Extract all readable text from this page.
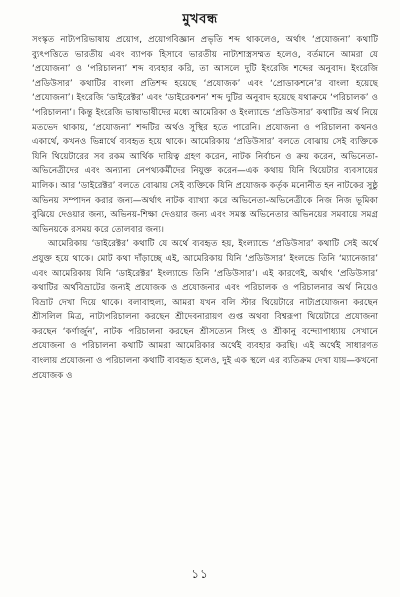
মুখবন্ধ

সংস্কৃত নাট্যপরিভাষায় প্রয়োগ, প্রয়োগবিজ্ঞান প্রভৃতি শব্দ থাকলেও, অর্থাৎ ‘প্রযোজনা’ কথাটি ব্যুৎপত্তিতে ভারতীয় এবং ব্যাপক হিসাবে ভারতীয় নাট্যশাস্ত্রসম্মত হলেও, বর্তমানে আমরা যে ‘প্রযোজনা’ ও ‘পরিচালনা’ শব্দ ব্যবহার করি, তা আসলে দুটি ইংরেজি শব্দের অনুবাদ। ইংরেজি ‘প্রডিউসার’ কথাটির বাংলা প্রতিশব্দ হয়েছে ‘প্রযোজক’ এবং ‘প্রোডাকশনে’র বাংলা হয়েছে ‘প্রযোজনা’। ইংরেজি ‘ডাইরেক্টর’ এবং ‘ডাইরেকশন’ শব্দ দুটির অনুবাদ হয়েছে যথাক্রমে ‘পরিচালক’ ও ‘পরিচালনা’। কিন্তু ইংরেজি ভাষাভাষীদের মধ্যে আমেরিকা ও ইংল্যান্ডে ‘প্রডিউসার’ কথাটির অর্থ নিয়ে মতভেদ থাকায়, ‘প্রযোজনা’ শব্দটির অর্থও সুস্থির হতে পারেনি। প্রযোজনা ও পরিচালনা কথনও একার্থে, কখনও ভিন্নার্থে ব্যবহৃত হয়ে থাকে। আমেরিকায় ‘প্রডিউসার’ বলতে বোঝায় সেই ব্যক্তিকে যিনি থিয়েটারের সব রকম আর্থিক দায়িত্ব গ্রহণ করেন, নাটক নির্বাচন ও ক্রয় করেন, অভিনেতা-অভিনেত্রীদের এবং অন্যান্য নেপথ্যকর্মীদের নিযুক্ত করেন—এক কথায় যিনি থিয়েটার ব্যবসায়ের মালিক। আর ‘ডাইরেক্টর’ বলতে বোঝায় সেই ব্যক্তিকে যিনি প্রযোজক কর্তৃক মনোনীত হন নাটকের সুষ্ঠু অভিনয় সম্পাদন করার জন্য—অর্থাৎ নাটক ব্যাখ্যা করে অভিনেতা-অভিনেত্রীকে নিজ নিজ ভূমিকা বুঝিয়ে দেওয়ার জন্য, অভিনয়-শিক্ষা দেওয়ার জন্য এবং সমস্ত অভিনেতার অভিনয়ের সমবায়ে সমগ্র অভিনয়কে রসময় করে তোলবার জন্য।

আমেরিকায় ‘ডাইরেক্টর’ কথাটি যে অর্থে ব্যবহৃত হয়, ইংল্যান্ডে ‘প্রডিউসার’ কথাটি সেই অর্থে প্রযুক্ত হয়ে থাকে। মোট কথা দাঁড়াচ্ছে এই, আমেরিকায় যিনি ‘প্রডিউসার’ ইংলন্ডে তিনি ‘ম্যানেজার’ এবং আমেরিকায় যিনি ‘ডাইরেক্টর’ ইংল্যান্ডে তিনি ‘প্রডিউসার’। এই কারণেই, অর্থাৎ ‘প্রডিউসার’ কথাটির অর্থবিভ্রাটের জন্যই প্রযোজক ও প্রযোজনার এবং পরিচালক ও পরিচালনার অর্থ নিয়েও বিভ্রাট দেখা দিয়ে থাকে। বলাবাহুল্য, আমরা যখন বলি স্টার থিয়েটারে নাট্যপ্রযোজনা করছেন শ্রীসলিল মিত্র, নাট্যপরিচালনা করছেন শ্রীদেবনারায়ণ গুপ্ত অথবা বিশ্বরূপা থিয়েটারে প্রযোজনা করছেন ‘কর্ণার্জুন’, নাটক পরিচালনা করছেন শ্রীসত্যেন সিংহ ও শ্রীকানু বন্দ্যোপাধ্যায় সেখানে প্রযোজনা ও পরিচালনা কথাটি আমরা আমেরিকার অর্থেই ব্যবহার করছি। এই অর্থেই সাধারণত বাংলায় প্রযোজনা ও পরিচালনা কথাটি ব্যবহৃত হলেও, দুই এক স্থলে এর ব্যতিক্রম দেখা যায়—কখনো প্রযোজক ও

১১
